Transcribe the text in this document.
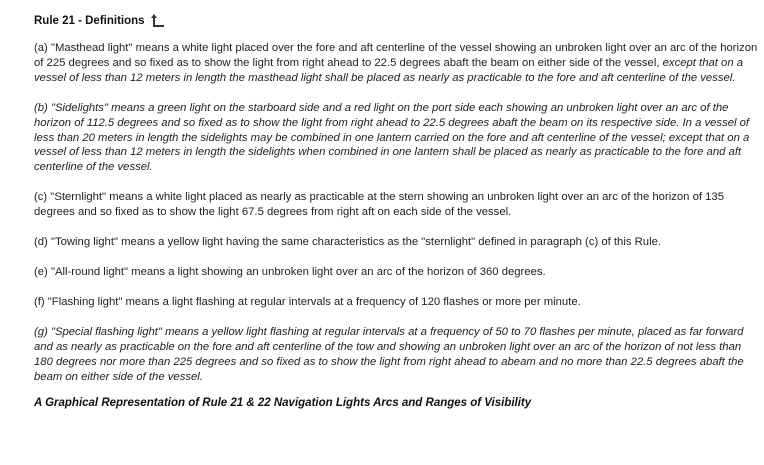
Rule 21 - Definitions

(a) "Masthead light" means a white light placed over the fore and aft centerline of the vessel showing an unbroken light over an arc of the horizon of 225 degrees and so fixed as to show the light from right ahead to 22.5 degrees abaft the beam on either side of the vessel, except that on a vessel of less than 12 meters in length the masthead light shall be placed as nearly as practicable to the fore and aft centerline of the vessel.

(b) "Sidelights" means a green light on the starboard side and a red light on the port side each showing an unbroken light over an arc of the horizon of 112.5 degrees and so fixed as to show the light from right ahead to 22.5 degrees abaft the beam on its respective side. In a vessel of less than 20 meters in length the sidelights may be combined in one lantern carried on the fore and aft centerline of the vessel; except that on a vessel of less than 12 meters in length the sidelights when combined in one lantern shall be placed as nearly as practicable to the fore and aft centerline of the vessel.

(c) "Sternlight" means a white light placed as nearly as practicable at the stern showing an unbroken light over an arc of the horizon of 135 degrees and so fixed as to show the light 67.5 degrees from right aft on each side of the vessel.

(d) "Towing light" means a yellow light having the same characteristics as the "sternlight" defined in paragraph (c) of this Rule.

(e) "All-round light" means a light showing an unbroken light over an arc of the horizon of 360 degrees.

(f) "Flashing light" means a light flashing at regular intervals at a frequency of 120 flashes or more per minute.

(g) "Special flashing light" means a yellow light flashing at regular intervals at a frequency of 50 to 70 flashes per minute, placed as far forward and as nearly as practicable on the fore and aft centerline of the tow and showing an unbroken light over an arc of the horizon of not less than 180 degrees nor more than 225 degrees and so fixed as to show the light from right ahead to abeam and no more than 22.5 degrees abaft the beam on either side of the vessel.

A Graphical Representation of Rule 21 & 22 Navigation Lights Arcs and Ranges of Visibility
